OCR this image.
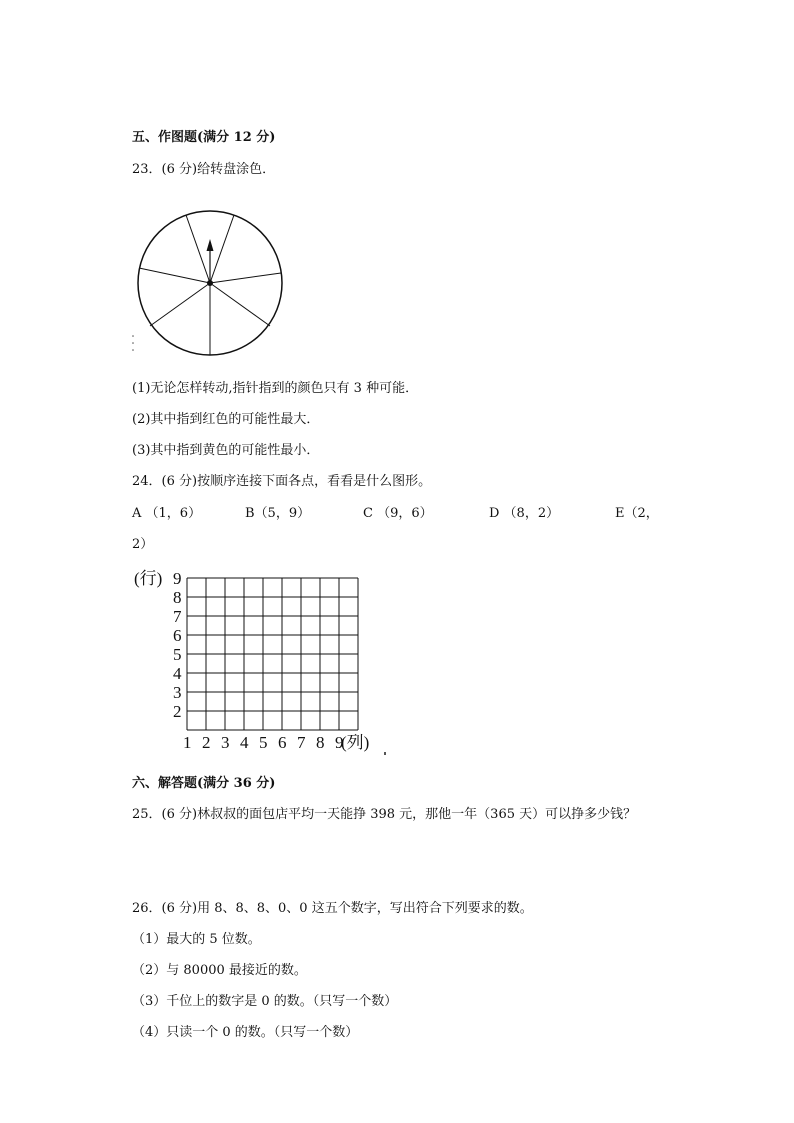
五、作图题(满分 12 分)
23．(6 分)给转盘涂色．
(1)无论怎样转动,指针指到的颜色只有 3 种可能．
(2)其中指到红色的可能性最大．
(3)其中指到黄色的可能性最小．
24．(6 分)按顺序连接下面各点，看看是什么图形。
A （1，6）	B（5，9）	C （9，6）	D （8，2）	E（2，
2）
(行) 9
8
7
6
5
4
3
2
1 2 3 4 5 6 7 8 9
(列)
六、解答题(满分 36 分)
25．(6 分)林叔叔的面包店平均一天能挣 398 元，那他一年（365 天）可以挣多少钱？
26．(6 分)用 8、8、8、0、0 这五个数字，写出符合下列要求的数。
（1）最大的 5 位数。
（2）与 80000 最接近的数。
（3）千位上的数字是 0 的数。（只写一个数）
（4）只读一个 0 的数。（只写一个数）
